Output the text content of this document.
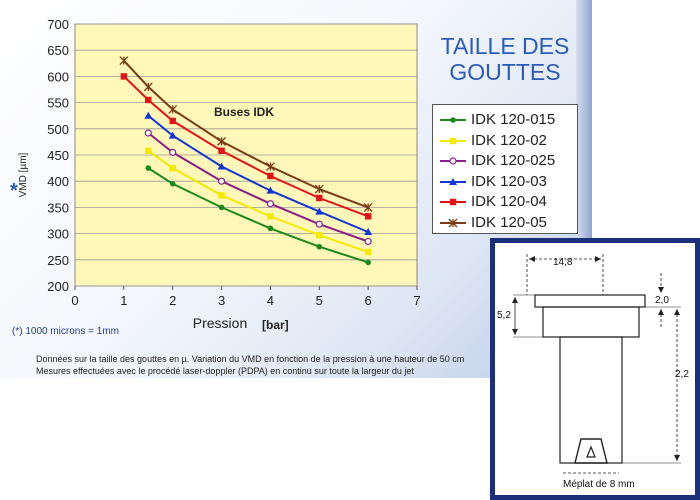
200
250
300
350
400
450
500
550
600
650
700
0	1	2	3	4	5	6	7
Pression [bar]
VMD [µm]
Buses IDK
TAILLE DES
GOUTTES
IDK 120-015
IDK 120-02
IDK 120-025
IDK 120-03
IDK 120-04
IDK 120-05
*
(*) 1000 microns = 1mm
Données sur la taille des gouttes en µ. Variation du VMD en fonction de la pression à une hauteur de 50 cm
Mesures effectuées avec le procédé laser-doppler (PDPA) en continu sur toute la largeur du jet
14,8
2,0
5,2
2,2
Méplat de 8 mm
